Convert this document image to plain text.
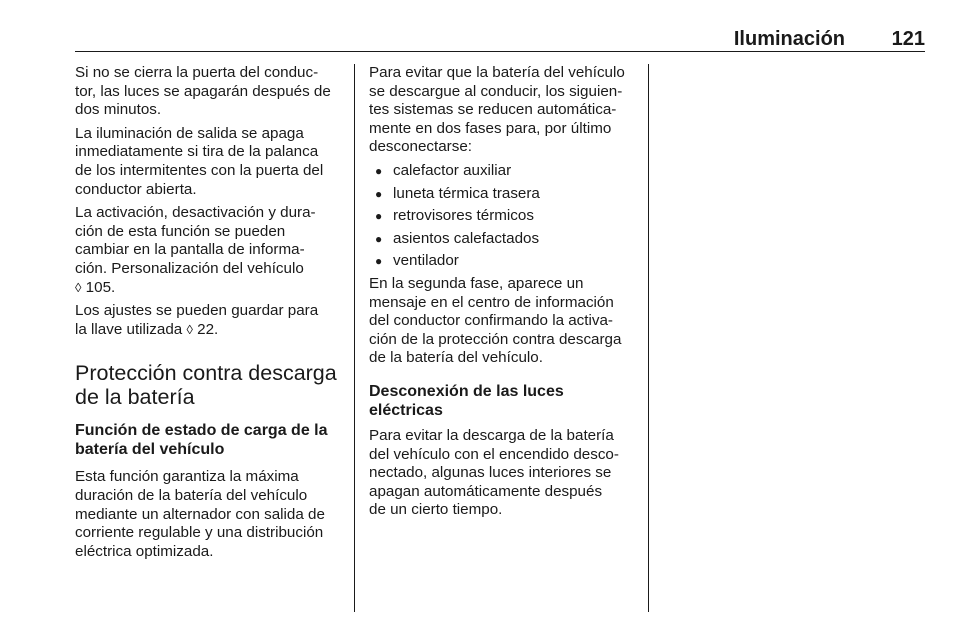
Iluminación 121
Si no se cierra la puerta del conduc-
tor, las luces se apagarán después de
dos minutos.
La iluminación de salida se apaga
inmediatamente si tira de la palanca
de los intermitentes con la puerta del
conductor abierta.
La activación, desactivación y dura-
ción de esta función se pueden
cambiar en la pantalla de informa-
ción. Personalización del vehículo
◊ 105.
Los ajustes se pueden guardar para
la llave utilizada ◊ 22.
Protección contra descarga
de la batería
Función de estado de carga de la
batería del vehículo
Esta función garantiza la máxima
duración de la batería del vehículo
mediante un alternador con salida de
corriente regulable y una distribución
eléctrica optimizada.
Para evitar que la batería del vehículo
se descargue al conducir, los siguien-
tes sistemas se reducen automática-
mente en dos fases para, por último
desconectarse:
● calefactor auxiliar
● luneta térmica trasera
● retrovisores térmicos
● asientos calefactados
● ventilador
En la segunda fase, aparece un
mensaje en el centro de información
del conductor confirmando la activa-
ción de la protección contra descarga
de la batería del vehículo.
Desconexión de las luces
eléctricas
Para evitar la descarga de la batería
del vehículo con el encendido desco-
nectado, algunas luces interiores se
apagan automáticamente después
de un cierto tiempo.
